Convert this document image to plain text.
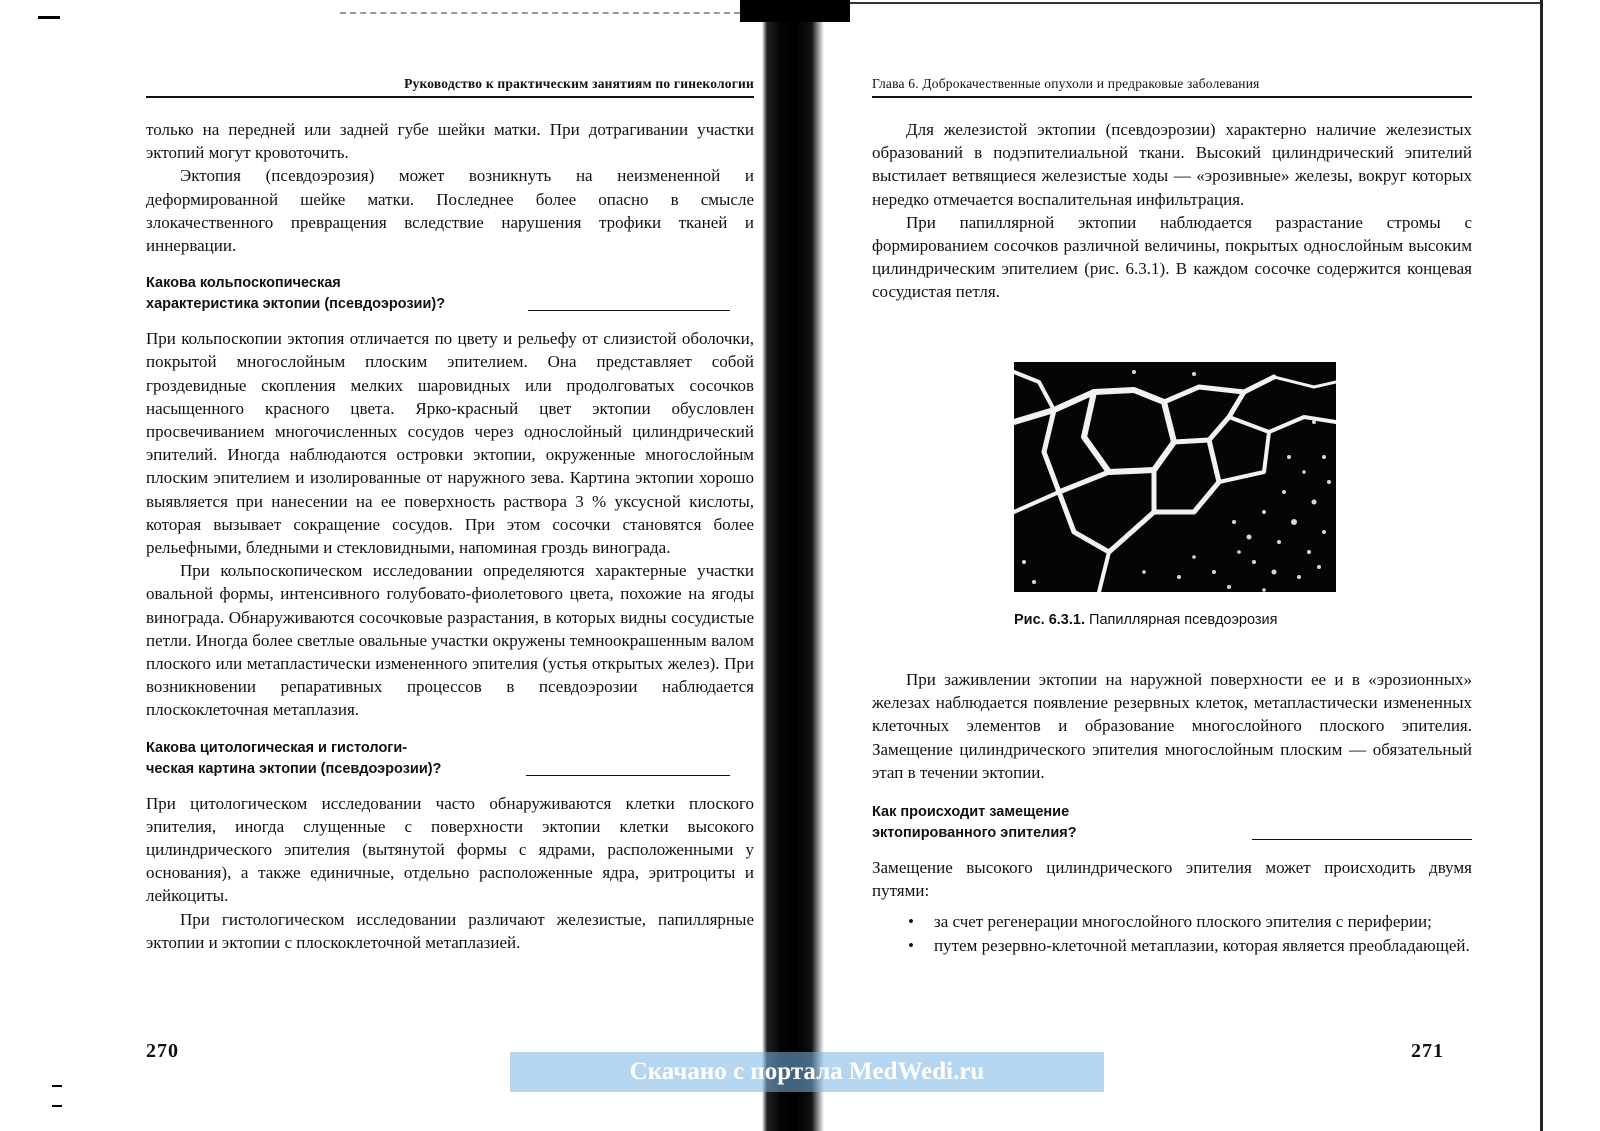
Руководство к практическим занятиям по гинекологии

только на передней или задней губе шейки матки. При дотрагивании участки эктопий могут кровоточить.

Эктопия (псевдоэрозия) может возникнуть на неизмененной и деформированной шейке матки. Последнее более опасно в смысле злокачественного превращения вследствие нарушения трофики тканей и иннервации.

Какова кольпоскопическая
характеристика эктопии (псевдоэрозии)?

При кольпоскопии эктопия отличается по цвету и рельефу от слизистой оболочки, покрытой многослойным плоским эпителием. Она представляет собой гроздевидные скопления мелких шаровидных или продолговатых сосочков насыщенного красного цвета. Ярко-красный цвет эктопии обусловлен просвечиванием многочисленных сосудов через однослойный цилиндрический эпителий. Иногда наблюдаются островки эктопии, окруженные многослойным плоским эпителием и изолированные от наружного зева. Картина эктопии хорошо выявляется при нанесении на ее поверхность раствора 3 % уксусной кислоты, которая вызывает сокращение сосудов. При этом сосочки становятся более рельефными, бледными и стекловидными, напоминая гроздь винограда.

При кольпоскопическом исследовании определяются характерные участки овальной формы, интенсивного голубовато-фиолетового цвета, похожие на ягоды винограда. Обнаруживаются сосочковые разрастания, в которых видны сосудистые петли. Иногда более светлые овальные участки окружены темноокрашенным валом плоского или метапластически измененного эпителия (устья открытых желез). При возникновении репаративных процессов в псевдоэрозии наблюдается плоскоклеточная метаплазия.

Какова цитологическая и гистологи-
ческая картина эктопии (псевдоэрозии)?

При цитологическом исследовании часто обнаруживаются клетки плоского эпителия, иногда слущенные с поверхности эктопии клетки высокого цилиндрического эпителия (вытянутой формы с ядрами, расположенными у основания), а также единичные, отдельно расположенные ядра, эритроциты и лейкоциты.

При гистологическом исследовании различают железистые, папиллярные эктопии и эктопии с плоскоклеточной метаплазией.

270
Глава 6. Доброкачественные опухоли и предраковые заболевания

Для железистой эктопии (псевдоэрозии) характерно наличие железистых образований в подэпителиальной ткани. Высокий цилиндрический эпителий выстилает ветвящиеся железистые ходы — «эрозивные» железы, вокруг которых нередко отмечается воспалительная инфильтрация.

При папиллярной эктопии наблюдается разрастание стромы с формированием сосочков различной величины, покрытых однослойным высоким цилиндрическим эпителием (рис. 6.3.1). В каждом сосочке содержится концевая сосудистая петля.

Рис. 6.3.1. Папиллярная псевдоэрозия

При заживлении эктопии на наружной поверхности ее и в «эрозионных» железах наблюдается появление резервных клеток, метапластически измененных клеточных элементов и образование многослойного плоского эпителия. Замещение цилиндрического эпителия многослойным плоским — обязательный этап в течении эктопии.

Как происходит замещение
эктопированного эпителия?

Замещение высокого цилиндрического эпителия может происходить двумя путями:

• за счет регенерации многослойного плоского эпителия с периферии;
• путем резервно-клеточной метаплазии, которая является преобладающей.
271
Скачано с портала MedWedi.ru
